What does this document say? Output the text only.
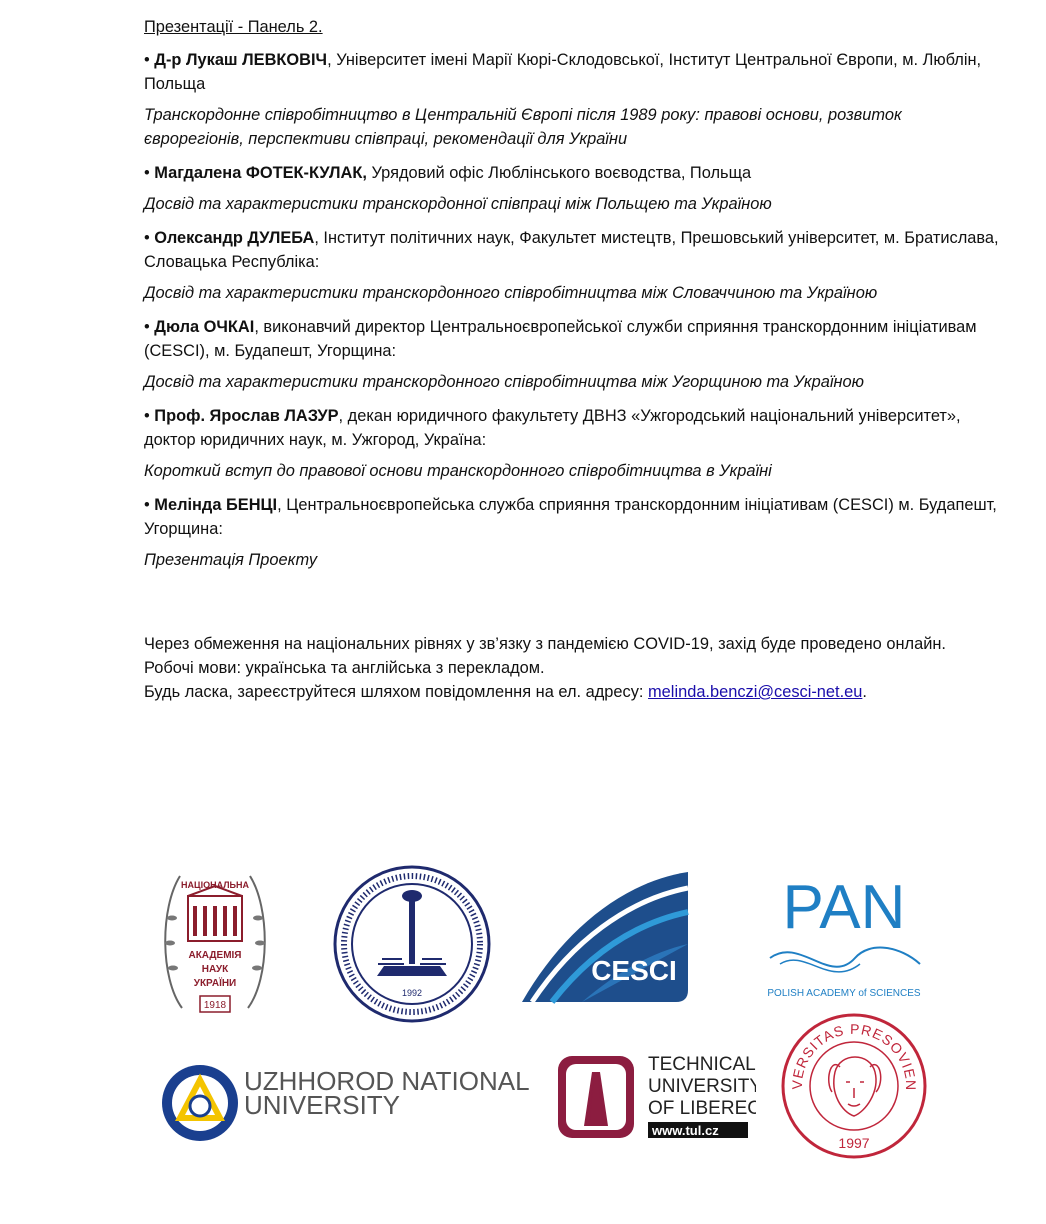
Презентації - Панель 2.

• Д-р Лукаш ЛЕВКОВІЧ, Університет імені Марії Кюрі-Склодовської, Інститут Центральної Європи, м. Люблін, Польща

Транскордонне співробітництво в Центральній Європі після 1989 року: правові основи, розвиток єврорегіонів, перспективи співпраці, рекомендації для України

• Магдалена ФОТЕК-КУЛАК, Урядовий офіс Люблінського воєводства, Польща

Досвід та характеристики транскордонної співпраці між Польщею та Україною

• Олександр ДУЛЕБА, Інститут політичних наук, Факультет мистецтв, Прешовський університет, м. Братислава, Словацька Республіка:

Досвід та характеристики транскордонного співробітництва між Словаччиною та Україною

• Дюла ОЧКАІ, виконавчий директор Центральноєвропейської служби сприяння транскордонним ініціативам (CESCI), м. Будапешт, Угорщина:

Досвід та характеристики транскордонного співробітництва між Угорщиною та Україною

• Проф. Ярослав ЛАЗУР, декан юридичного факультету ДВНЗ «Ужгородський національний університет», доктор юридичних наук, м. Ужгород, Україна:

Короткий вступ до правової основи транскордонного співробітництва в Україні

• Мелінда БЕНЦІ, Центральноєвропейська служба сприяння транскордонним ініціативам (CESCI) м. Будапешт, Угорщина:

Презентація Проекту

Через обмеження на національних рівнях у зв’язку з пандемією COVID-19, захід буде проведено онлайн.

Робочі мови: українська та англійська з перекладом.

Будь ласка, зареєструйтеся шляхом повідомлення на ел. адресу: melinda.benczi@cesci-net.eu.

НАЦІОНАЛЬНА
АКАДЕМІЯ
НАУК
УКРАЇНИ
1918
1992
CESCI
PAN
POLISH ACADEMY of SCIENCES
UZHHOROD NATIONAL
UNIVERSITY
TECHNICAL
UNIVERSITY
OF LIBEREC
www.tul.cz
VERSITAS PRESOVIEN
1997
